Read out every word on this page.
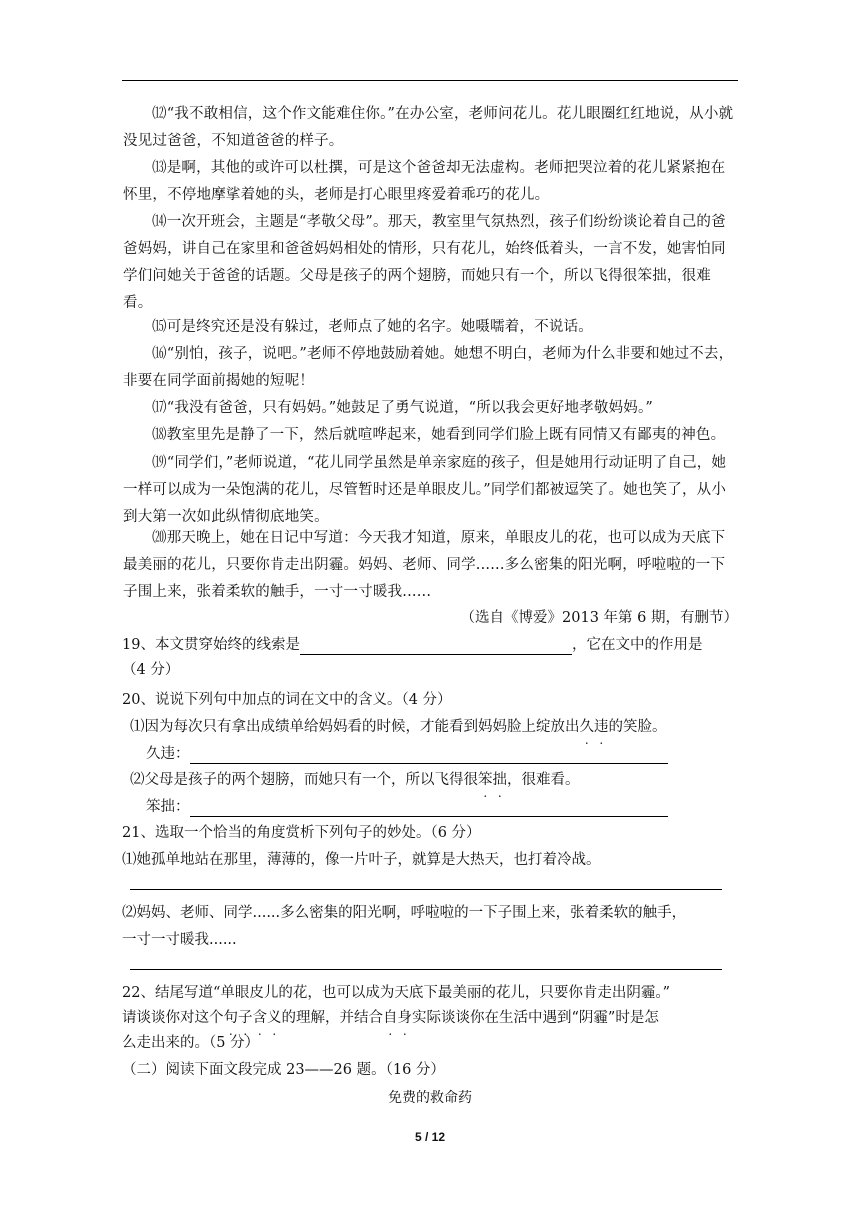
⑿“我不敢相信，这个作文能难住你。”在办公室，老师问花儿。花儿眼圈红红地说，从小就没见过爸爸，不知道爸爸的样子。
⒀是啊，其他的或许可以杜撰，可是这个爸爸却无法虚构。老师把哭泣着的花儿紧紧抱在怀里，不停地摩挲着她的头，老师是打心眼里疼爱着乖巧的花儿。
⒁一次开班会，主题是“孝敬父母”。那天，教室里气氛热烈，孩子们纷纷谈论着自己的爸爸妈妈，讲自己在家里和爸爸妈妈相处的情形，只有花儿，始终低着头，一言不发，她害怕同学们问她关于爸爸的话题。父母是孩子的两个翅膀，而她只有一个，所以飞得很笨拙，很难看。
⒂可是终究还是没有躲过，老师点了她的名字。她嗫嚅着，不说话。
⒃“别怕，孩子，说吧。”老师不停地鼓励着她。她想不明白，老师为什么非要和她过不去，非要在同学面前揭她的短呢！
⒄“我没有爸爸，只有妈妈。”她鼓足了勇气说道，“所以我会更好地孝敬妈妈。”
⒅教室里先是静了一下，然后就喧哗起来，她看到同学们脸上既有同情又有鄙夷的神色。
⒆“同学们，”老师说道，“花儿同学虽然是单亲家庭的孩子，但是她用行动证明了自己，她一样可以成为一朵饱满的花儿，尽管暂时还是单眼皮儿。”同学们都被逗笑了。她也笑了，从小到大第一次如此纵情彻底地笑。
⒇那天晚上，她在日记中写道：今天我才知道，原来，单眼皮儿的花，也可以成为天底下最美丽的花儿，只要你肯走出阴霾。妈妈、老师、同学......多么密集的阳光啊，呼啦啦的一下子围上来，张着柔软的触手，一寸一寸暖我......
（选自《博爱》2013 年第 6 期，有删节）
19、本文贯穿始终的线索是	，它在文中的作用是
（4 分）
20、说说下列句中加点的词在文中的含义。（4 分）
⑴因为每次只有拿出成绩单给妈妈看的时候，才能看到妈妈脸上绽放出久违的笑脸。
久违：
⑵父母是孩子的两个翅膀，而她只有一个，所以飞得很笨拙，很难看。
笨拙：
21、选取一个恰当的角度赏析下列句子的妙处。（6 分）
⑴她孤单地站在那里，薄薄的，像一片叶子，就算是大热天，也打着冷战。
⑵妈妈、老师、同学......多么密集的阳光啊，呼啦啦的一下子围上来，张着柔软的触手，
一寸一寸暖我......
22、结尾写道“单眼皮儿的花，也可以成为天底下最美丽的花儿，只要你肯走出阴霾。”
请谈谈你对这个句子含义的理解，并结合自身实际谈谈你在生活中遇到“阴霾”时是怎
么走出来的。（5 分）
（二）阅读下面文段完成 23——26 题。（16 分）
免费的救命药
5 / 12
